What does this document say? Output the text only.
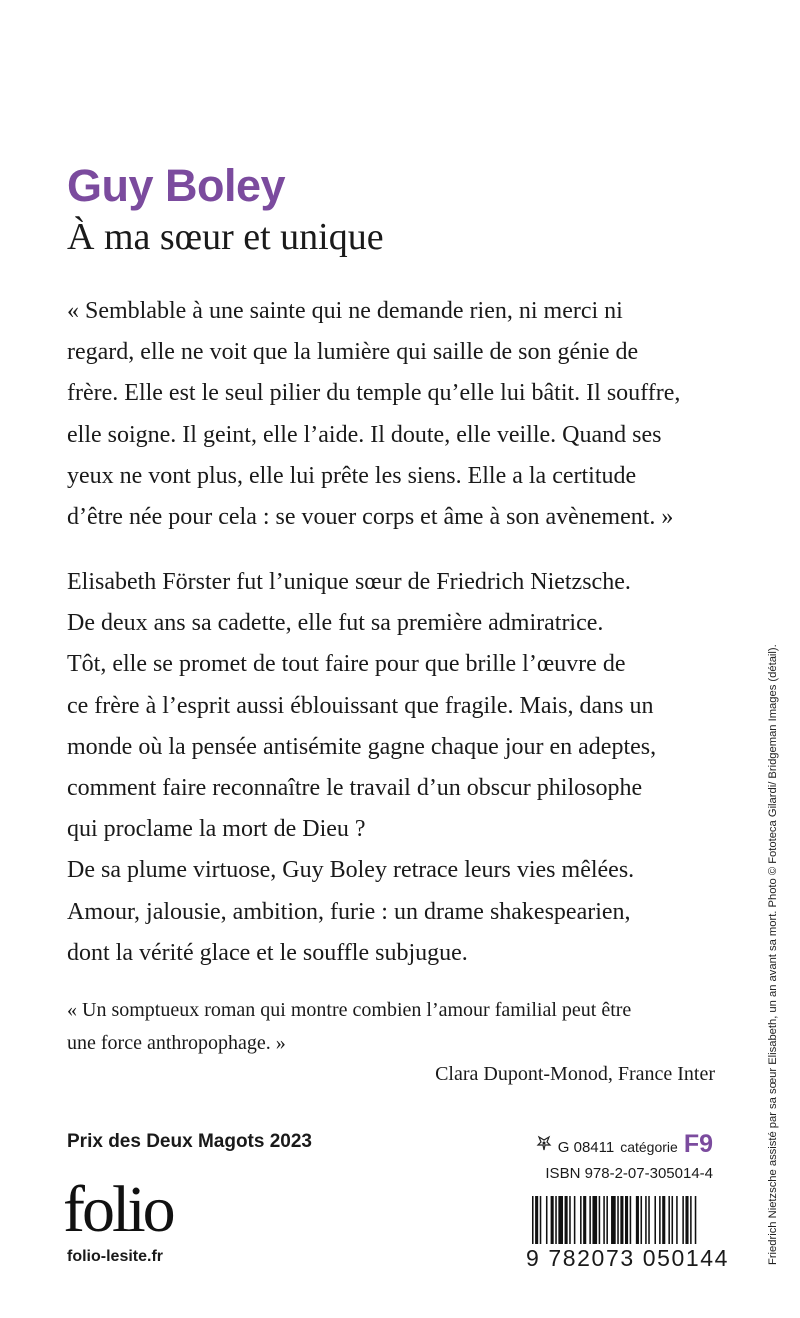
Guy Boley
À ma sœur et unique
« Semblable à une sainte qui ne demande rien, ni merci ni
regard, elle ne voit que la lumière qui saille de son génie de
frère. Elle est le seul pilier du temple qu’elle lui bâtit. Il souffre,
elle soigne. Il geint, elle l’aide. Il doute, elle veille. Quand ses
yeux ne vont plus, elle lui prête les siens. Elle a la certitude
d’être née pour cela : se vouer corps et âme à son avènement. »
Elisabeth Förster fut l’unique sœur de Friedrich Nietzsche.
De deux ans sa cadette, elle fut sa première admiratrice.
Tôt, elle se promet de tout faire pour que brille l’œuvre de
ce frère à l’esprit aussi éblouissant que fragile. Mais, dans un
monde où la pensée antisémite gagne chaque jour en adeptes,
comment faire reconnaître le travail d’un obscur philosophe
qui proclame la mort de Dieu ?
De sa plume virtuose, Guy Boley retrace leurs vies mêlées.
Amour, jalousie, ambition, furie : un drame shakespearien,
dont la vérité glace et le souffle subjugue.
« Un somptueux roman qui montre combien l’amour familial peut être
une force anthropophage. »
Clara Dupont-Monod, France Inter
Prix des Deux Magots 2023
folio
folio-lesite.fr
G 08411 catégorie F9
ISBN 978-2-07-305014-4
9 782073 050144	Friedrich Nietzsche assisté par sa sœur Elisabeth, un an avant sa mort. Photo © Fototeca Gilardi/ Bridgeman Images (détail).
